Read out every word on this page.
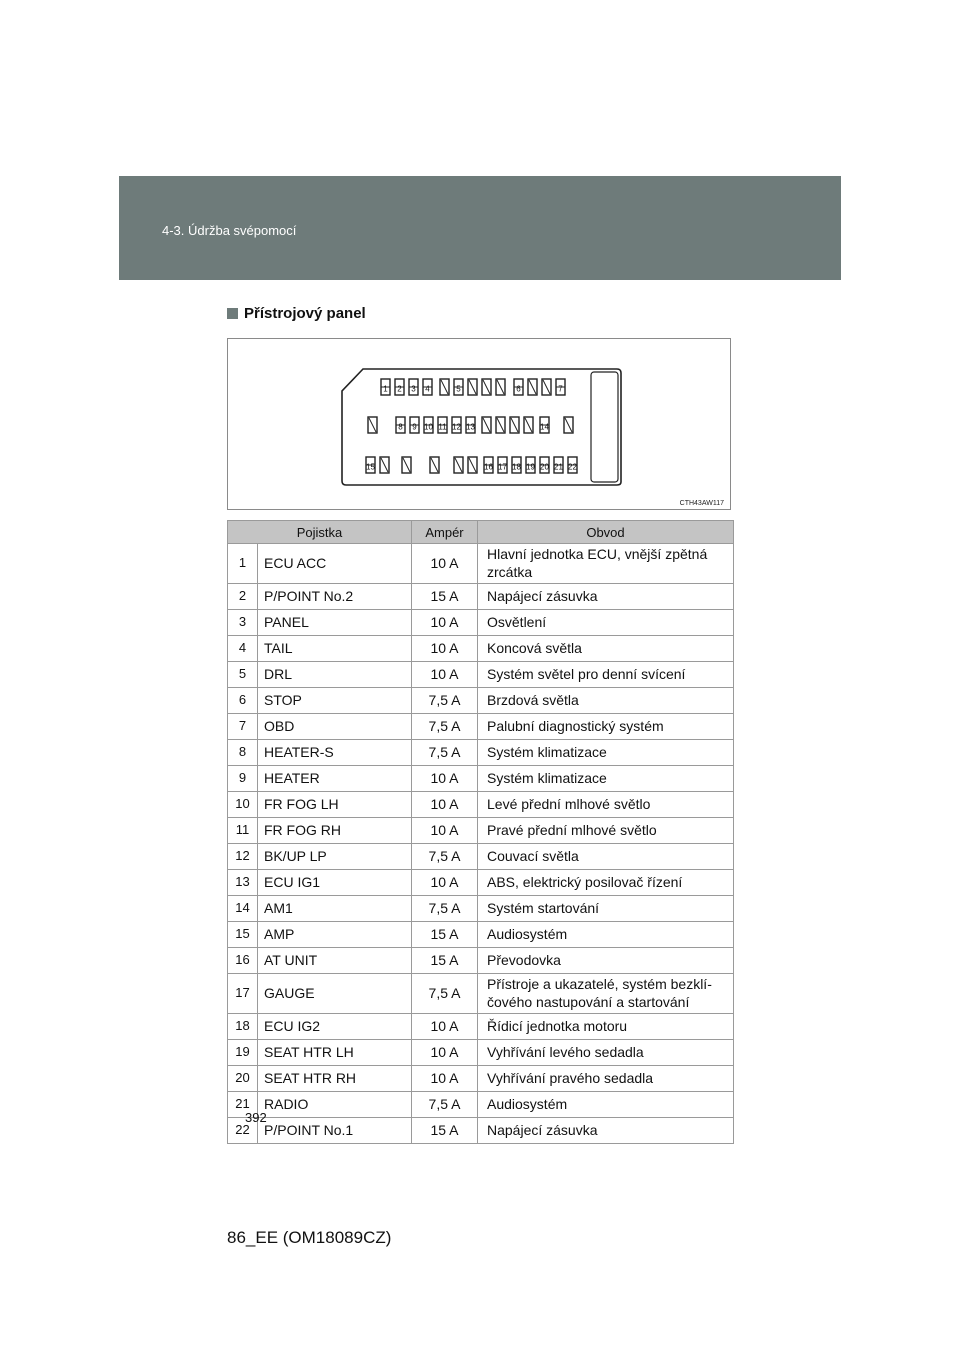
4-3. Údržba svépomocí
Přístrojový panel
1 2 3 4	5	6	7
8 9 10 11 12 13	14
15	16 17 18 19 20 21 22
CTH43AW117
Pojistka		Ampér	Obvod
1	ECU ACC	10 A	Hlavní jednotka ECU, vnější zpětná zrcátka
2	P/POINT No.2	15 A	Napájecí zásuvka
3	PANEL	10 A	Osvětlení
4	TAIL	10 A	Koncová světla
5	DRL	10 A	Systém světel pro denní svícení
6	STOP	7,5 A	Brzdová světla
7	OBD	7,5 A	Palubní diagnostický systém
8	HEATER-S	7,5 A	Systém klimatizace
9	HEATER	10 A	Systém klimatizace
10	FR FOG LH	10 A	Levé přední mlhové světlo
11	FR FOG RH	10 A	Pravé přední mlhové světlo
12	BK/UP LP	7,5 A	Couvací světla
13	ECU IG1	10 A	ABS, elektrický posilovač řízení
14	AM1	7,5 A	Systém startování
15	AMP	15 A	Audiosystém
16	AT UNIT	15 A	Převodovka
17	GAUGE	7,5 A	Přístroje a ukazatelé, systém bezklí-čového nastupování a startování
18	ECU IG2	10 A	Řídicí jednotka motoru
19	SEAT HTR LH	10 A	Vyhřívání levého sedadla
20	SEAT HTR RH	10 A	Vyhřívání pravého sedadla
21	RADIO	7,5 A	Audiosystém
22	P/POINT No.1	15 A	Napájecí zásuvka
392
86_EE (OM18089CZ)
